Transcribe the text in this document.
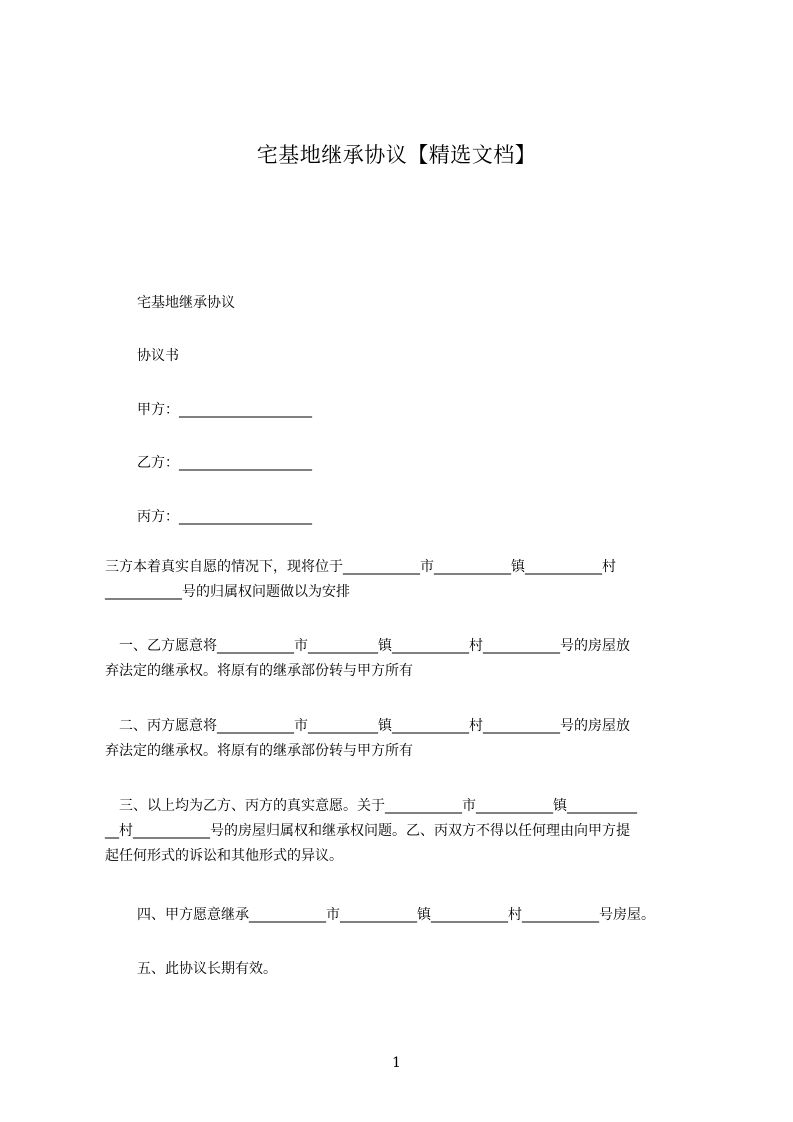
宅基地继承协议【精选文档】
宅基地继承协议
协议书
甲方：___________________
乙方：___________________
丙方：___________________
三方本着真实自愿的情况下，现将位于___________市___________镇___________村
___________号的归属权问题做以为安排
　一、乙方愿意将___________市__________镇___________村___________号的房屋放
弃法定的继承权。将原有的继承部份转与甲方所有
　二、丙方愿意将___________市__________镇___________村___________号的房屋放
弃法定的继承权。将原有的继承部份转与甲方所有
　三、以上均为乙方、丙方的真实意愿。关于___________市___________镇__________
__村___________号的房屋归属权和继承权问题。乙、丙双方不得以任何理由向甲方提
起任何形式的诉讼和其他形式的异议。
四、甲方愿意继承___________市___________镇___________村___________号房屋。
五、此协议长期有效。
1
